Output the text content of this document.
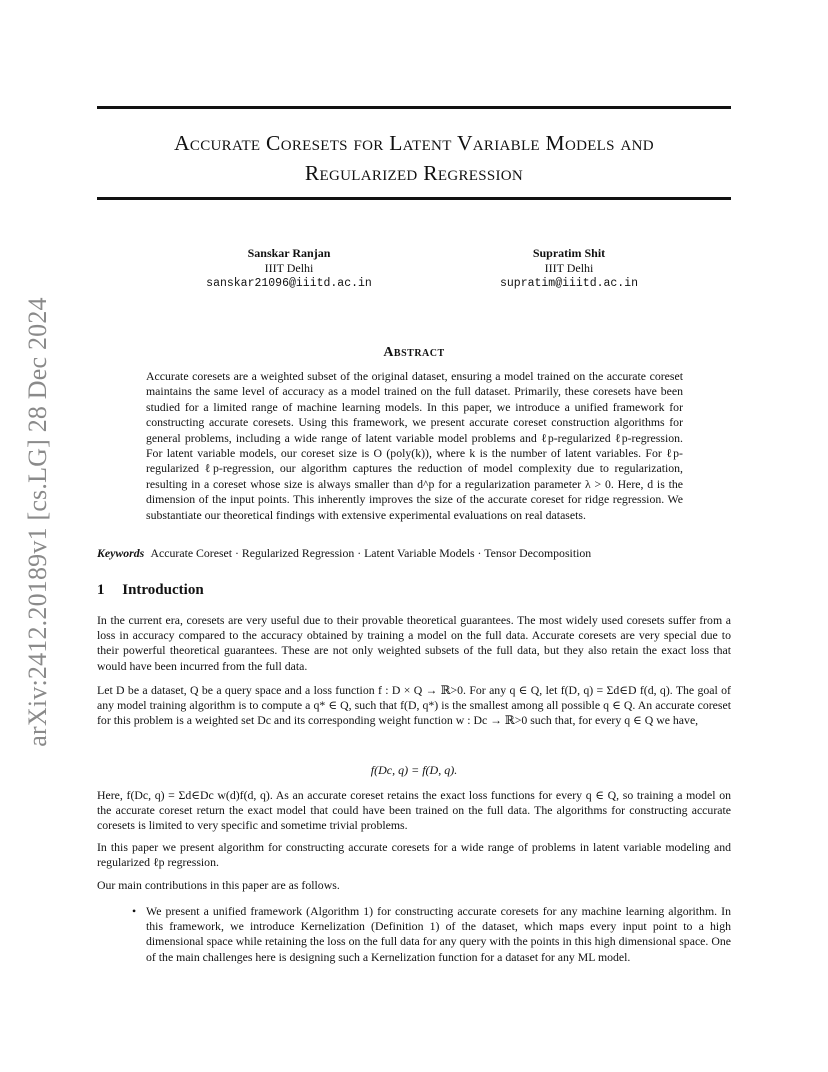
arXiv:2412.20189v1 [cs.LG] 28 Dec 2024
Accurate Coresets for Latent Variable Models and
Regularized Regression
Sanskar Ranjan
IIIT Delhi
sanskar21096@iiitd.ac.in
Supratim Shit
IIIT Delhi
supratim@iiitd.ac.in
Abstract
Accurate coresets are a weighted subset of the original dataset, ensuring a model trained on the accurate coreset maintains the same level of accuracy as a model trained on the full dataset. Primarily, these coresets have been studied for a limited range of machine learning models. In this paper, we introduce a unified framework for constructing accurate coresets. Using this framework, we present accurate coreset construction algorithms for general problems, including a wide range of latent variable model problems and ℓp-regularized ℓp-regression. For latent variable models, our coreset size is O (poly(k)), where k is the number of latent variables. For ℓp-regularized ℓp-regression, our algorithm captures the reduction of model complexity due to regularization, resulting in a coreset whose size is always smaller than d^p for a regularization parameter λ > 0. Here, d is the dimension of the input points. This inherently improves the size of the accurate coreset for ridge regression. We substantiate our theoretical findings with extensive experimental evaluations on real datasets.
Keywords Accurate Coreset · Regularized Regression · Latent Variable Models · Tensor Decomposition
1 Introduction

In the current era, coresets are very useful due to their provable theoretical guarantees. The most widely used coresets suffer from a loss in accuracy compared to the accuracy obtained by training a model on the full data. Accurate coresets are very special due to their powerful theoretical guarantees. These are not only weighted subsets of the full data, but they also retain the exact loss that would have been incurred from the full data.

Let D be a dataset, Q be a query space and a loss function f : D × Q → ℝ>0. For any q ∈ Q, let f(D, q) = Σd∈D f(d, q). The goal of any model training algorithm is to compute a q* ∈ Q, such that f(D, q*) is the smallest among all possible q ∈ Q. An accurate coreset for this problem is a weighted set Dc and its corresponding weight function w : Dc → ℝ>0 such that, for every q ∈ Q we have,

f(Dc, q) = f(D, q).

Here, f(Dc, q) = Σd∈Dc w(d)f(d, q). As an accurate coreset retains the exact loss functions for every q ∈ Q, so training a model on the accurate coreset return the exact model that could have been trained on the full data. The algorithms for constructing accurate coresets is limited to very specific and sometime trivial problems.

In this paper we present algorithm for constructing accurate coresets for a wide range of problems in latent variable modeling and regularized ℓp regression.

Our main contributions in this paper are as follows.

• We present a unified framework (Algorithm 1) for constructing accurate coresets for any machine learning algorithm. In this framework, we introduce Kernelization (Definition 1) of the dataset, which maps every input point to a high dimensional space while retaining the loss on the full data for any query with the points in this high dimensional space. One of the main challenges here is designing such a Kernelization function for a dataset for any ML model.
